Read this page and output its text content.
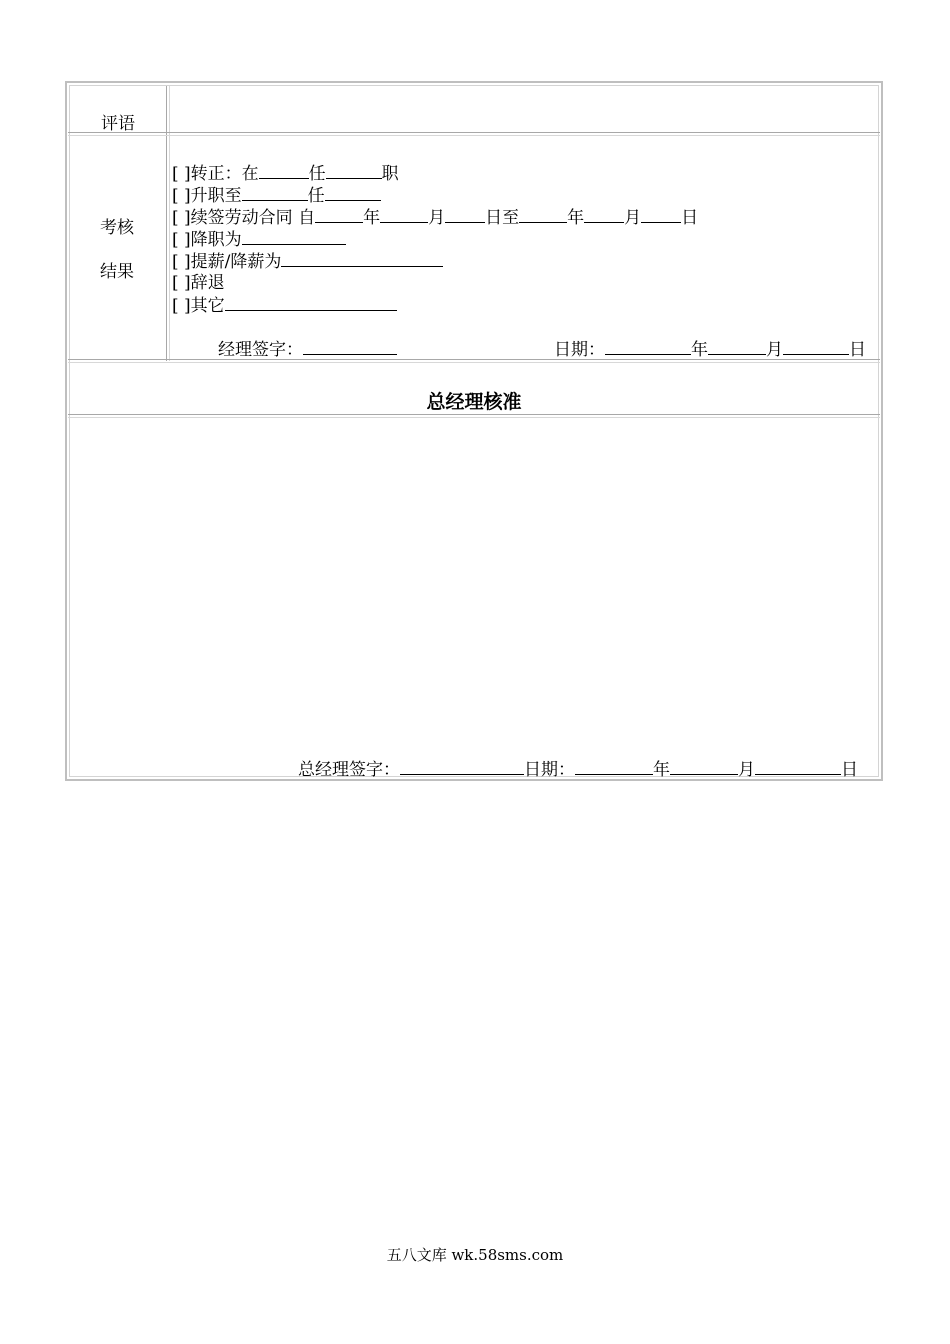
评语
考核
结果
[ ]转正：在	任	职
[ ]升职至	任
[ ]续签劳动合同 自	年	月 日至	年 月 日
[ ]降职为
[ ]提薪/降薪为
[ ]辞退
[ ]其它
经理签字：	日期：	年	月	日
总经理核准
总经理签字：	日期：	年	月	日
五八文库 wk.58sms.com
